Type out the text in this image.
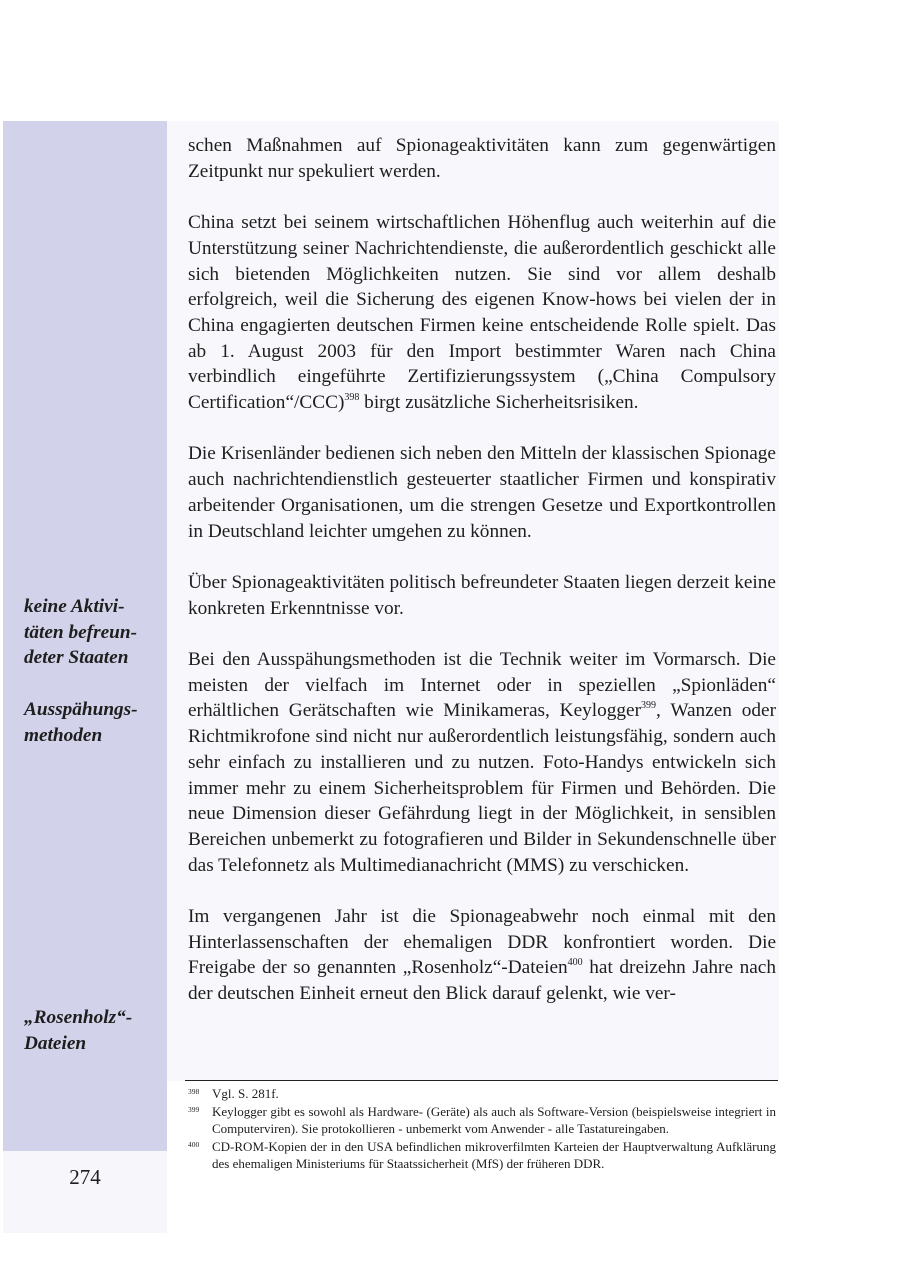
274
keine Aktivi-
täten befreun-
deter Staaten
Ausspähungs-
methoden
„Rosenholz“-
Dateien

schen Maßnahmen auf Spionageaktivitäten kann zum gegenwärtigen Zeitpunkt nur spekuliert werden.

China setzt bei seinem wirtschaftlichen Höhenflug auch weiterhin auf die Unterstützung seiner Nachrichtendienste, die außerordentlich geschickt alle sich bietenden Möglichkeiten nutzen. Sie sind vor allem deshalb erfolgreich, weil die Sicherung des eigenen Know-hows bei vielen der in China engagierten deutschen Firmen keine entscheidende Rolle spielt. Das ab 1. August 2003 für den Import bestimmter Waren nach China verbindlich eingeführte Zertifizierungssystem („China Compulsory Certification“/CCC)$^{398}$ birgt zusätzliche Sicherheitsrisiken.

Die Krisenländer bedienen sich neben den Mitteln der klassischen Spionage auch nachrichtendienstlich gesteuerter staatlicher Firmen und konspirativ arbeitender Organisationen, um die strengen Gesetze und Exportkontrollen in Deutschland leichter umgehen zu können.

Über Spionageaktivitäten politisch befreundeter Staaten liegen derzeit keine konkreten Erkenntnisse vor.

Bei den Ausspähungsmethoden ist die Technik weiter im Vormarsch. Die meisten der vielfach im Internet oder in speziellen „Spionläden“ erhältlichen Gerätschaften wie Minikameras, Keylogger$^{399}$, Wanzen oder Richtmikrofone sind nicht nur außerordentlich leistungsfähig, sondern auch sehr einfach zu installieren und zu nutzen. Foto-Handys entwickeln sich immer mehr zu einem Sicherheitsproblem für Firmen und Behörden. Die neue Dimension dieser Gefährdung liegt in der Möglichkeit, in sensiblen Bereichen unbemerkt zu fotografieren und Bilder in Sekundenschnelle über das Telefonnetz als Multimedianachricht (MMS) zu verschicken.

Im vergangenen Jahr ist die Spionageabwehr noch einmal mit den Hinterlassenschaften der ehemaligen DDR konfrontiert worden. Die Freigabe der so genannten „Rosenholz“-Dateien$^{400}$ hat dreizehn Jahre nach der deutschen Einheit erneut den Blick darauf gelenkt, wie ver-

398 Vgl. S. 281f.
399 Keylogger gibt es sowohl als Hardware- (Geräte) als auch als Software-Version (beispielsweise integriert in Computerviren). Sie protokollieren - unbemerkt vom Anwender - alle Tastatureingaben.
400 CD-ROM-Kopien der in den USA befindlichen mikroverfilmten Karteien der Hauptverwaltung Aufklärung des ehemaligen Ministeriums für Staatssicherheit (MfS) der früheren DDR.
